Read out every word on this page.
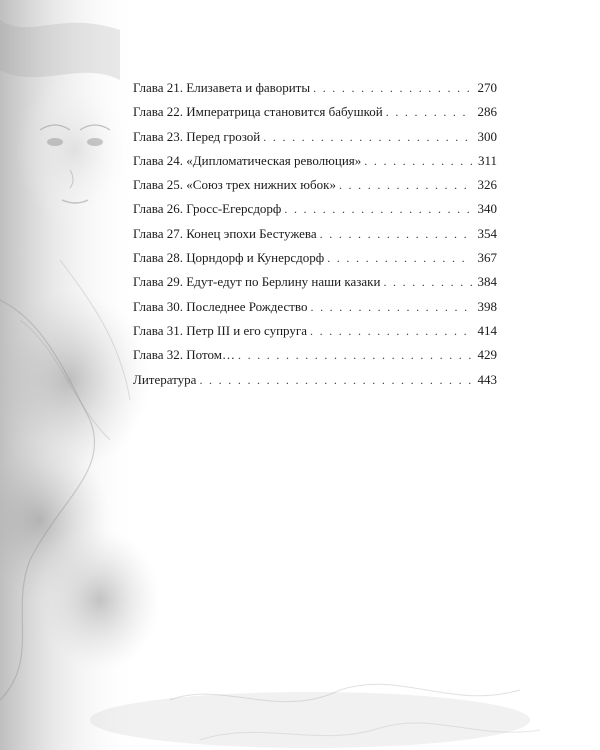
Глава 21. Елизавета и фавориты . . .	270
Глава 22. Императрица становится бабушкой . . .	286
Глава 23. Перед грозой . . .	300
Глава 24. «Дипломатическая революция» . . .	311
Глава 25. «Союз трех нижних юбок» . . .	326
Глава 26. Гросс-Егерсдорф . . .	340
Глава 27. Конец эпохи Бестужева . . .	354
Глава 28. Цорндорф и Кунерсдорф . . .	367
Глава 29. Едут-едут по Берлину наши казаки . . .	384
Глава 30. Последнее Рождество . . .	398
Глава 31. Петр III и его супруга . . .	414
Глава 32. Потом… . . .	429
Литература . . .	443
